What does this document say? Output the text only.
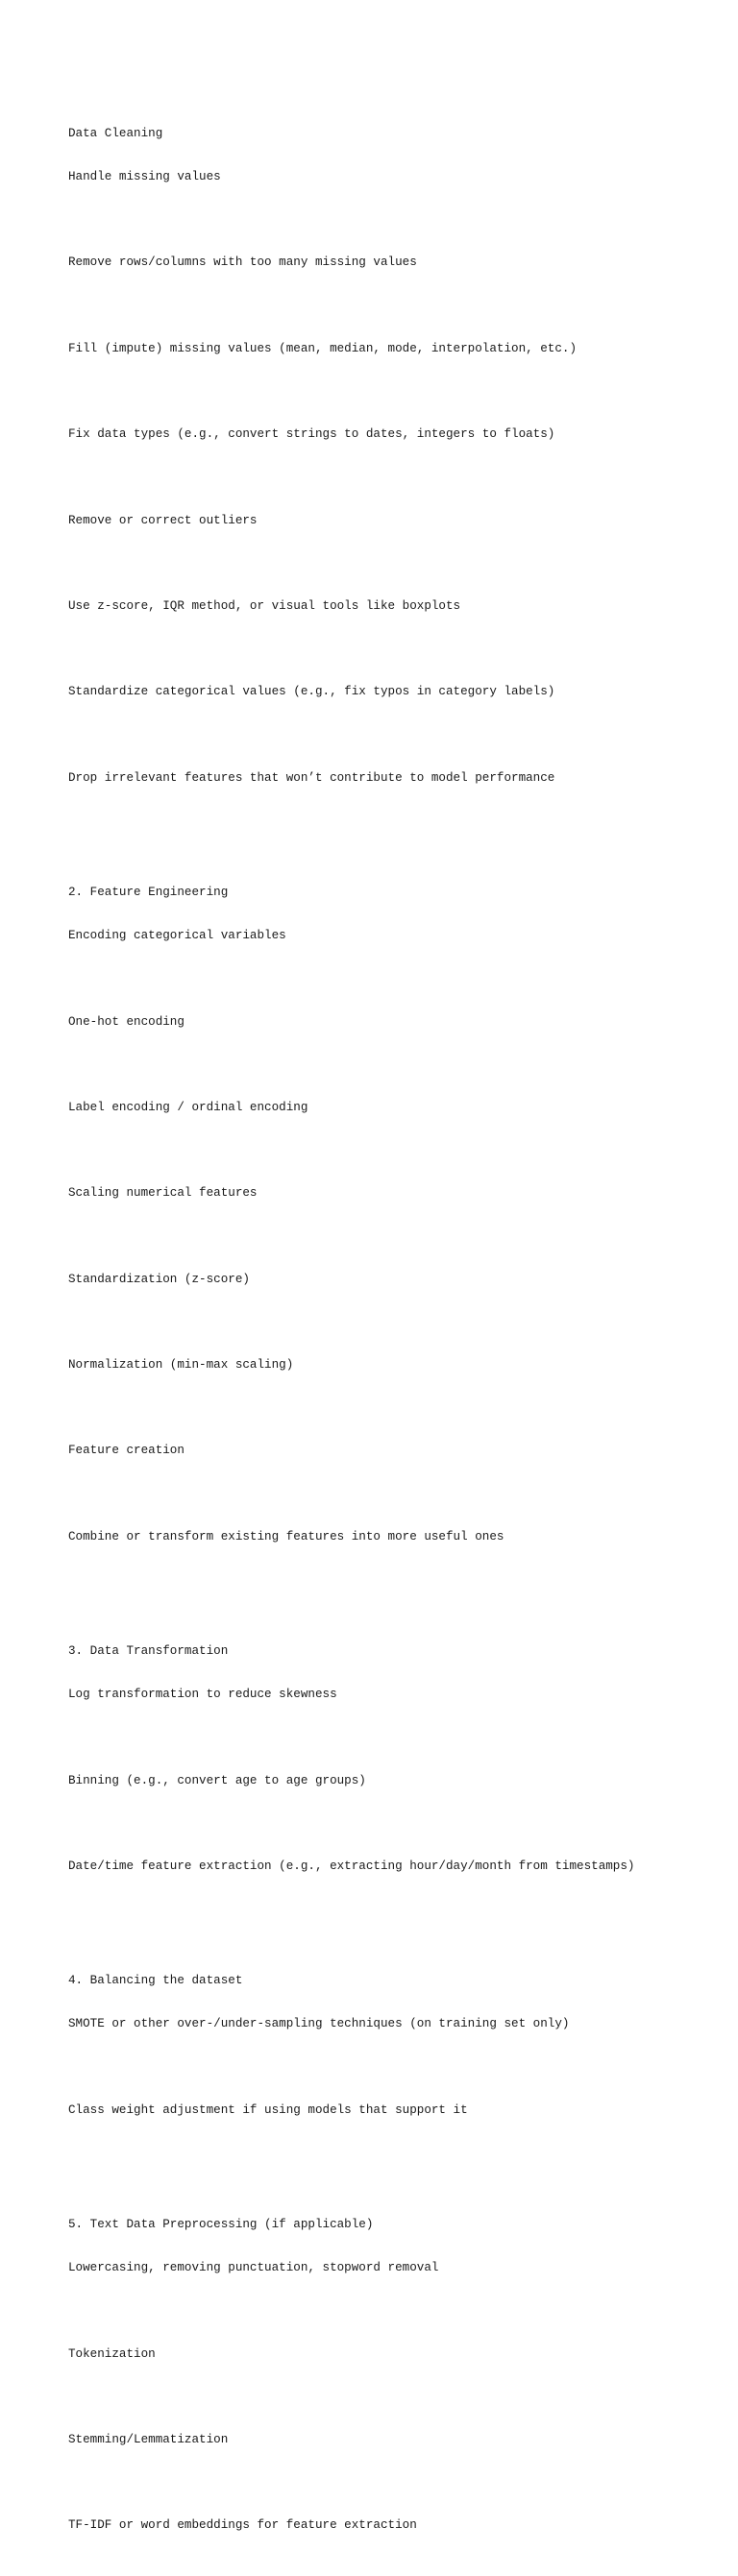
Data Cleaning

Handle missing values

Remove rows/columns with too many missing values

Fill (impute) missing values (mean, median, mode, interpolation, etc.)

Fix data types (e.g., convert strings to dates, integers to floats)

Remove or correct outliers

Use z-score, IQR method, or visual tools like boxplots

Standardize categorical values (e.g., fix typos in category labels)

Drop irrelevant features that won’t contribute to model performance

2. Feature Engineering

Encoding categorical variables

One-hot encoding

Label encoding / ordinal encoding

Scaling numerical features

Standardization (z-score)

Normalization (min-max scaling)

Feature creation

Combine or transform existing features into more useful ones

3. Data Transformation

Log transformation to reduce skewness

Binning (e.g., convert age to age groups)

Date/time feature extraction (e.g., extracting hour/day/month from timestamps)

4. Balancing the dataset

SMOTE or other over-/under-sampling techniques (on training set only)

Class weight adjustment if using models that support it

5. Text Data Preprocessing (if applicable)

Lowercasing, removing punctuation, stopword removal

Tokenization

Stemming/Lemmatization

TF-IDF or word embeddings for feature extraction
